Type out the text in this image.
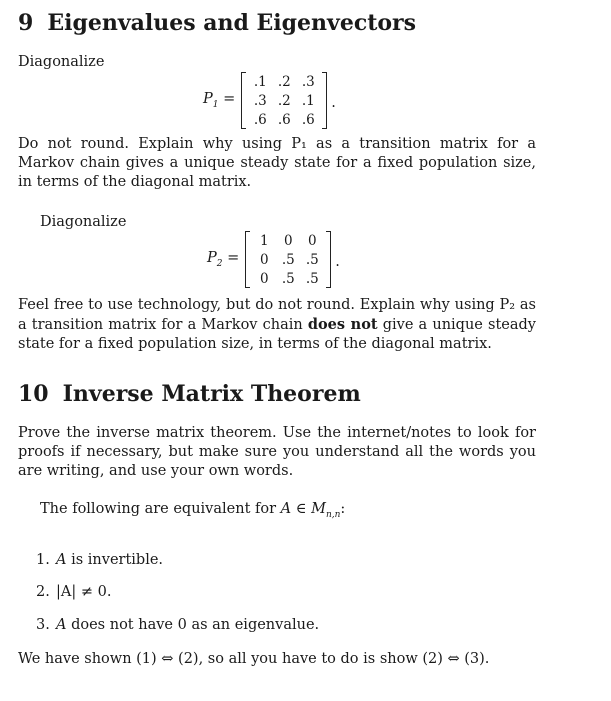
9 Eigenvalues and Eigenvectors
Diagonalize
$P_1$ =
.1 .2 .3
.3 .2 .1
.6 .6 .6
.
Do not round. Explain why using P₁ as a transition matrix for a Markov chain gives a unique steady state for a fixed population size, in terms of the diagonal matrix.
Diagonalize
$P_2$ =
1	0	0
0 .5 .5
0 .5 .5
.
Feel free to use technology, but do not round. Explain why using P₂ as a transition matrix for a Markov chain does not give a unique steady state for a fixed population size, in terms of the diagonal matrix.
10 Inverse Matrix Theorem
Prove the inverse matrix theorem. Use the internet/notes to look for proofs if necessary, but make sure you understand all the words you are writing, and use your own words.
The following are equivalent for A ∈ $M_{n,n}$:
1. A is invertible.
2. |A| ≠ 0.
3. A does not have 0 as an eigenvalue.
We have shown (1) ⇔ (2), so all you have to do is show (2) ⇔ (3).
